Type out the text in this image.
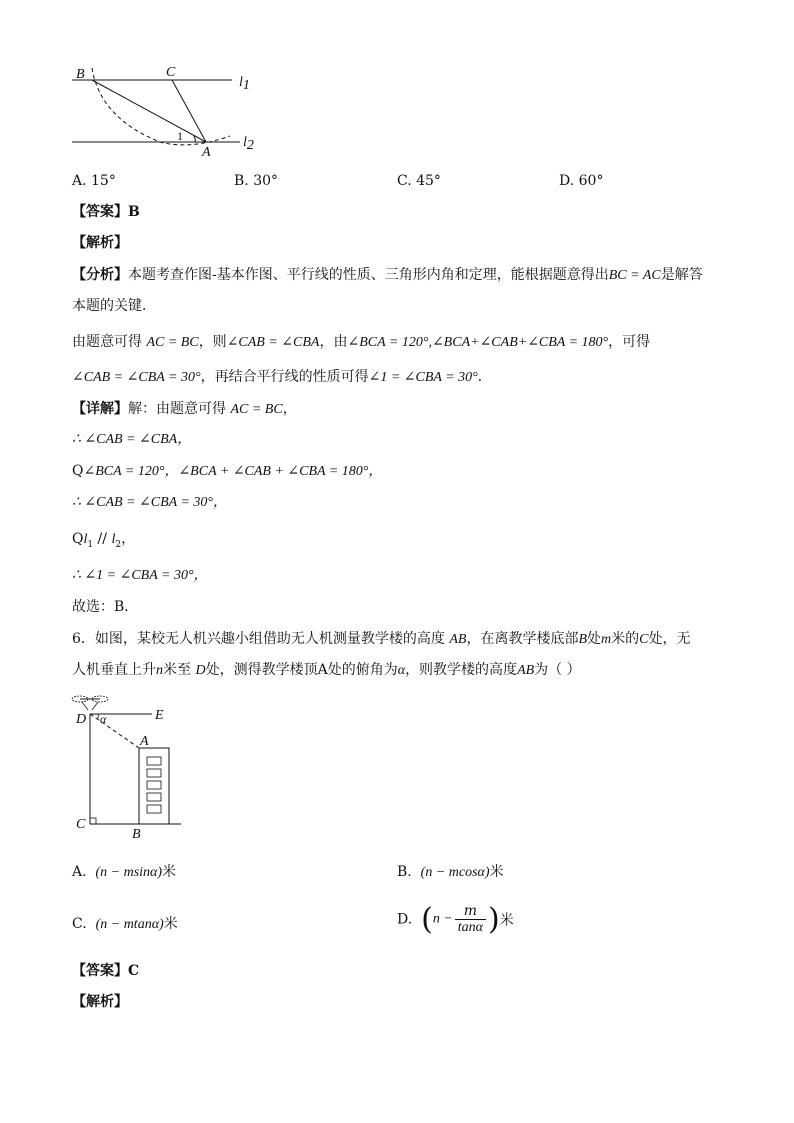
B	C
A
1
l1
l2
A. 15°	B. 30°	C. 45°	D. 60°
【答案】B
【解析】
【分析】本题考查作图-基本作图、平行线的性质、三角形内角和定理，能根据题意得出BC = AC是解答
本题的关键．
由题意可得 AC = BC，则∠CAB = ∠CBA，由∠BCA = 120°,∠BCA+∠CAB+∠CBA = 180°，可得
∠CAB = ∠CBA = 30°，再结合平行线的性质可得∠1 = ∠CBA = 30°．
【详解】解：由题意可得 AC = BC，
∴ ∠CAB = ∠CBA，
Q∠BCA = 120°，∠BCA + ∠CAB + ∠CBA = 180°，
∴ ∠CAB = ∠CBA = 30°，
$Ql_1 // l_2$，
∴ ∠1 = ∠CBA = 30°，
故选：B．
6．如图，某校无人机兴趣小组借助无人机测量教学楼的高度 AB，在离教学楼底部B处m米的C处，无
人机垂直上升n米至 D处，测得教学楼顶A处的俯角为α，则教学楼的高度AB为（ ）
D α	E
A
C
B
A. (n − msinα)米	B. (n − mcosα)米
C. (n − mtanα)米	D. ($n - \frac{m}{\tan\alpha}$ )米
【答案】C
【解析】
